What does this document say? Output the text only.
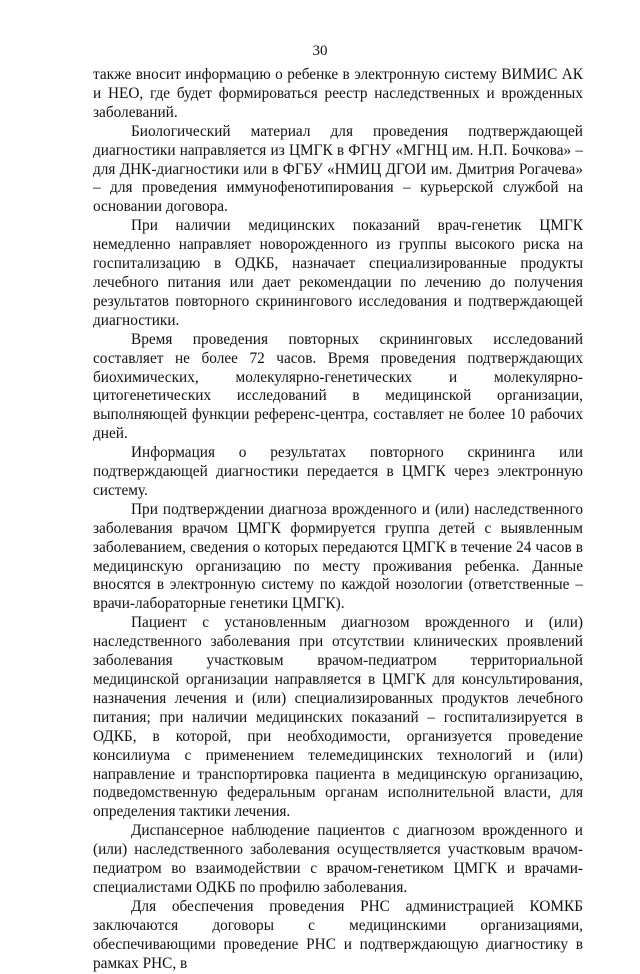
30

также вносит информацию о ребенке в электронную систему ВИМИС АК и НЕО, где будет формироваться реестр наследственных и врожденных заболеваний.

Биологический материал для проведения подтверждающей диагностики направляется из ЦМГК в ФГНУ «МГНЦ им. Н.П. Бочкова» – для ДНК-диагностики или в ФГБУ «НМИЦ ДГОИ им. Дмитрия Рогачева» – для проведения иммунофенотипирования – курьерской службой на основании договора.

При наличии медицинских показаний врач-генетик ЦМГК немедленно направляет новорожденного из группы высокого риска на госпитализацию в ОДКБ, назначает специализированные продукты лечебного питания или дает рекомендации по лечению до получения результатов повторного скринингового исследования и подтверждающей диагностики.

Время проведения повторных скрининговых исследований составляет не более 72 часов. Время проведения подтверждающих биохимических, молекулярно-генетических и молекулярно-цитогенетических исследований в медицинской организации, выполняющей функции референс-центра, составляет не более 10 рабочих дней.

Информация о результатах повторного скрининга или подтверждающей диагностики передается в ЦМГК через электронную систему.

При подтверждении диагноза врожденного и (или) наследственного заболевания врачом ЦМГК формируется группа детей с выявленным заболеванием, сведения о которых передаются ЦМГК в течение 24 часов в медицинскую организацию по месту проживания ребенка. Данные вносятся в электронную систему по каждой нозологии (ответственные – врачи-лабораторные генетики ЦМГК).

Пациент с установленным диагнозом врожденного и (или) наследственного заболевания при отсутствии клинических проявлений заболевания участковым врачом-педиатром территориальной медицинской организации направляется в ЦМГК для консультирования, назначения лечения и (или) специализированных продуктов лечебного питания; при наличии медицинских показаний – госпитализируется в ОДКБ, в которой, при необходимости, организуется проведение консилиума с применением телемедицинских технологий и (или) направление и транспортировка пациента в медицинскую организацию, подведомственную федеральным органам исполнительной власти, для определения тактики лечения.

Диспансерное наблюдение пациентов с диагнозом врожденного и (или) наследственного заболевания осуществляется участковым врачом-педиатром во взаимодействии с врачом-генетиком ЦМГК и врачами-специалистами ОДКБ по профилю заболевания.

Для обеспечения проведения РНС администрацией КОМКБ заключаются договоры с медицинскими организациями, обеспечивающими проведение РНС и подтверждающую диагностику в рамках РНС, в
